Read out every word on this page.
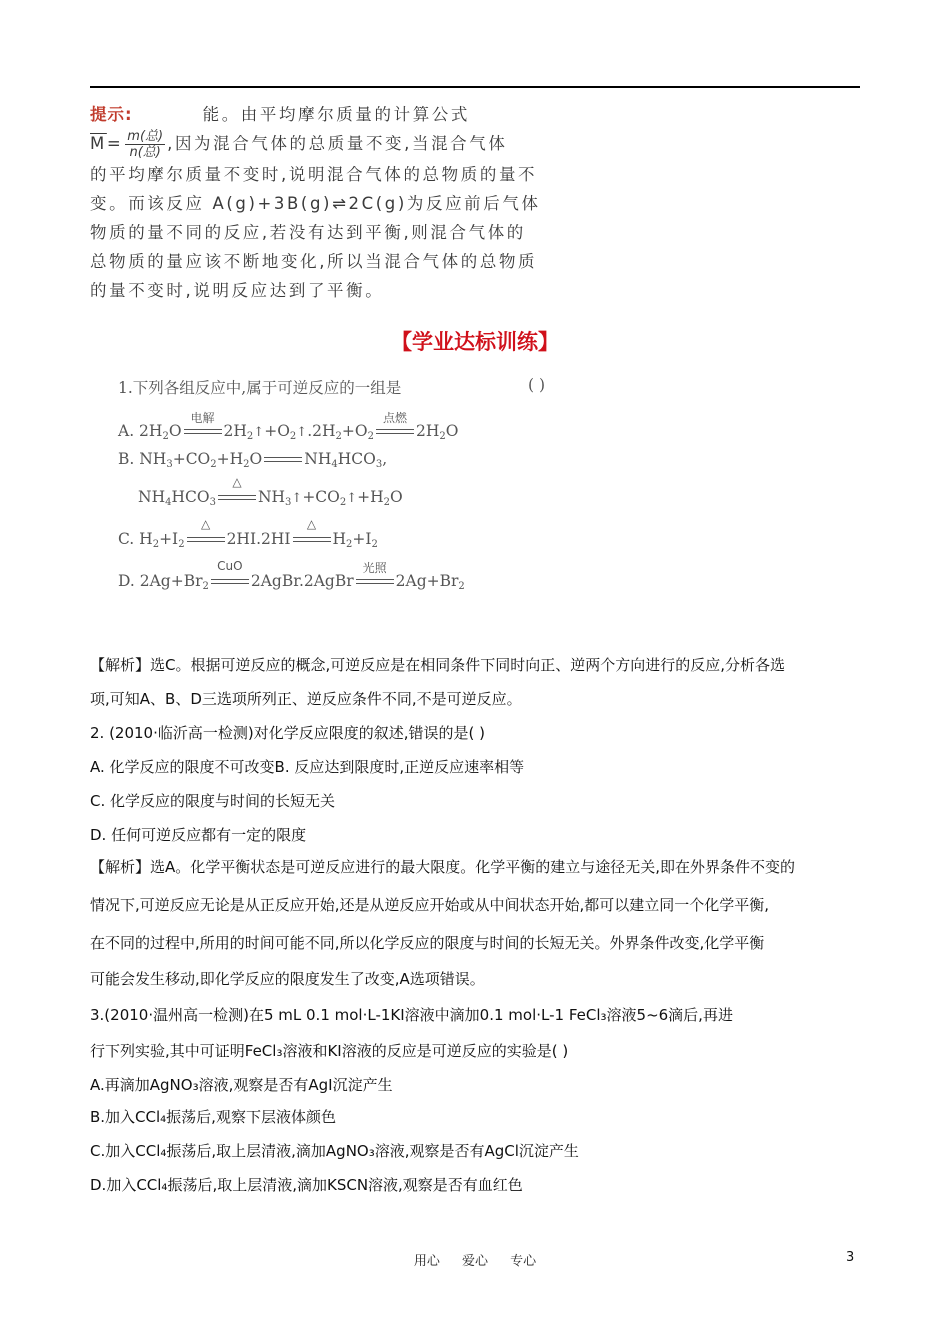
提示:	能。由平均摩尔质量的计算公式
$\overline{M}= \frac{\text{m(总)}}{\text{n(总)}}$ ,因为混合气体的总质量不变,当混合气体
的平均摩尔质量不变时,说明混合气体的总物质的量不
变。而该反应 A(g)+3B(g)⇌2C(g)为反应前后气体
物质的量不同的反应,若没有达到平衡,则混合气体的
总物质的量应该不断地变化,所以当混合气体的总物质
的量不变时,说明反应达到了平衡。
【学业达标训练】
1.下列各组反应中,属于可逆反应的一组是	( )
A. $2H_2O$
电解
$2H_2↑+O_2↑.2H_2+O_2$
点燃
$2H_2O$
B. $NH_3+CO_2+H_2O$	$NH_4HCO_3$,
$NH_4HCO_3$
△
$NH_3↑+CO_2↑+H_2O$
C. $H_2+I_2$
△
2HI.2HI
△
$H_2+I_2$
D. $2Ag+Br_2$
CuO
2AgBr.2AgBr
光照
$2Ag+Br_2$

【解析】选C。根据可逆反应的概念,可逆反应是在相同条件下同时向正、逆两个方向进行的反应,分析各选

项,可知A、B、D三选项所列正、逆反应条件不同,不是可逆反应。

2. (2010·临沂高一检测)对化学反应限度的叙述,错误的是( )

A. 化学反应的限度不可改变B. 反应达到限度时,正逆反应速率相等

C. 化学反应的限度与时间的长短无关

D. 任何可逆反应都有一定的限度

【解析】选A。化学平衡状态是可逆反应进行的最大限度。化学平衡的建立与途径无关,即在外界条件不变的

情况下,可逆反应无论是从正反应开始,还是从逆反应开始或从中间状态开始,都可以建立同一个化学平衡,

在不同的过程中,所用的时间可能不同,所以化学反应的限度与时间的长短无关。外界条件改变,化学平衡

可能会发生移动,即化学反应的限度发生了改变,A选项错误。

3.(2010·温州高一检测)在5 mL 0.1 mol·L-1KI溶液中滴加0.1 mol·L-1 FeCl₃溶液5~6滴后,再进

行下列实验,其中可证明FeCl₃溶液和KI溶液的反应是可逆反应的实验是( )

A.再滴加AgNO₃溶液,观察是否有AgI沉淀产生

B.加入CCl₄振荡后,观察下层液体颜色

C.加入CCl₄振荡后,取上层清液,滴加AgNO₃溶液,观察是否有AgCl沉淀产生

D.加入CCl₄振荡后,取上层清液,滴加KSCN溶液,观察是否有血红色

用心 爱心 专心	3
